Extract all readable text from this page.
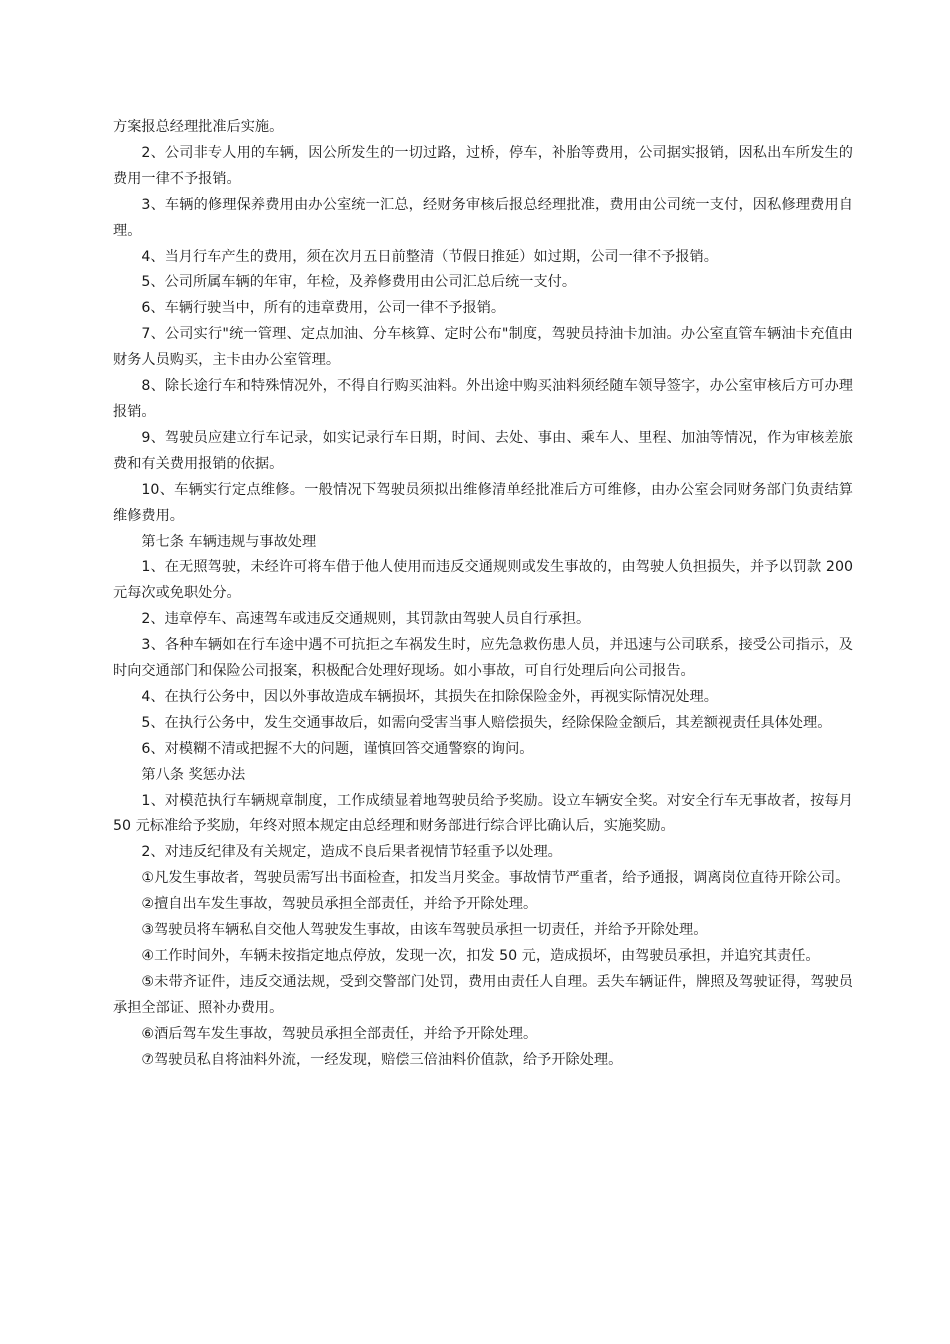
方案报总经理批准后实施。

2、公司非专人用的车辆，因公所发生的一切过路，过桥，停车，补胎等费用，公司据实报销，因私出车所发生的费用一律不予报销。

3、车辆的修理保养费用由办公室统一汇总，经财务审核后报总经理批准，费用由公司统一支付，因私修理费用自理。

4、当月行车产生的费用，须在次月五日前整清（节假日推延）如过期，公司一律不予报销。

5、公司所属车辆的年审，年检，及养修费用由公司汇总后统一支付。

6、车辆行驶当中，所有的违章费用，公司一律不予报销。

7、公司实行"统一管理、定点加油、分车核算、定时公布"制度，驾驶员持油卡加油。办公室直管车辆油卡充值由财务人员购买，主卡由办公室管理。

8、除长途行车和特殊情况外，不得自行购买油料。外出途中购买油料须经随车领导签字，办公室审核后方可办理报销。

9、驾驶员应建立行车记录，如实记录行车日期，时间、去处、事由、乘车人、里程、加油等情况，作为审核差旅费和有关费用报销的依据。

10、车辆实行定点维修。一般情况下驾驶员须拟出维修清单经批准后方可维修，由办公室会同财务部门负责结算维修费用。

第七条 车辆违规与事故处理

1、在无照驾驶，未经许可将车借于他人使用而违反交通规则或发生事故的，由驾驶人负担损失，并予以罚款 200 元每次或免职处分。

2、违章停车、高速驾车或违反交通规则，其罚款由驾驶人员自行承担。

3、各种车辆如在行车途中遇不可抗拒之车祸发生时，应先急救伤患人员，并迅速与公司联系，接受公司指示，及时向交通部门和保险公司报案，积极配合处理好现场。如小事故，可自行处理后向公司报告。

4、在执行公务中，因以外事故造成车辆损坏，其损失在扣除保险金外，再视实际情况处理。

5、在执行公务中，发生交通事故后，如需向受害当事人赔偿损失，经除保险金额后，其差额视责任具体处理。

6、对模糊不清或把握不大的问题，谨慎回答交通警察的询问。

第八条 奖惩办法

1、对模范执行车辆规章制度，工作成绩显着地驾驶员给予奖励。设立车辆安全奖。对安全行车无事故者，按每月 50 元标准给予奖励，年终对照本规定由总经理和财务部进行综合评比确认后，实施奖励。

2、对违反纪律及有关规定，造成不良后果者视情节轻重予以处理。

①凡发生事故者，驾驶员需写出书面检查，扣发当月奖金。事故情节严重者，给予通报，调离岗位直待开除公司。

②擅自出车发生事故，驾驶员承担全部责任，并给予开除处理。

③驾驶员将车辆私自交他人驾驶发生事故，由该车驾驶员承担一切责任，并给予开除处理。

④工作时间外，车辆未按指定地点停放，发现一次，扣发 50 元，造成损坏，由驾驶员承担，并追究其责任。

⑤未带齐证件，违反交通法规，受到交警部门处罚，费用由责任人自理。丢失车辆证件，牌照及驾驶证得，驾驶员承担全部证、照补办费用。

⑥酒后驾车发生事故，驾驶员承担全部责任，并给予开除处理。

⑦驾驶员私自将油料外流，一经发现，赔偿三倍油料价值款，给予开除处理。
